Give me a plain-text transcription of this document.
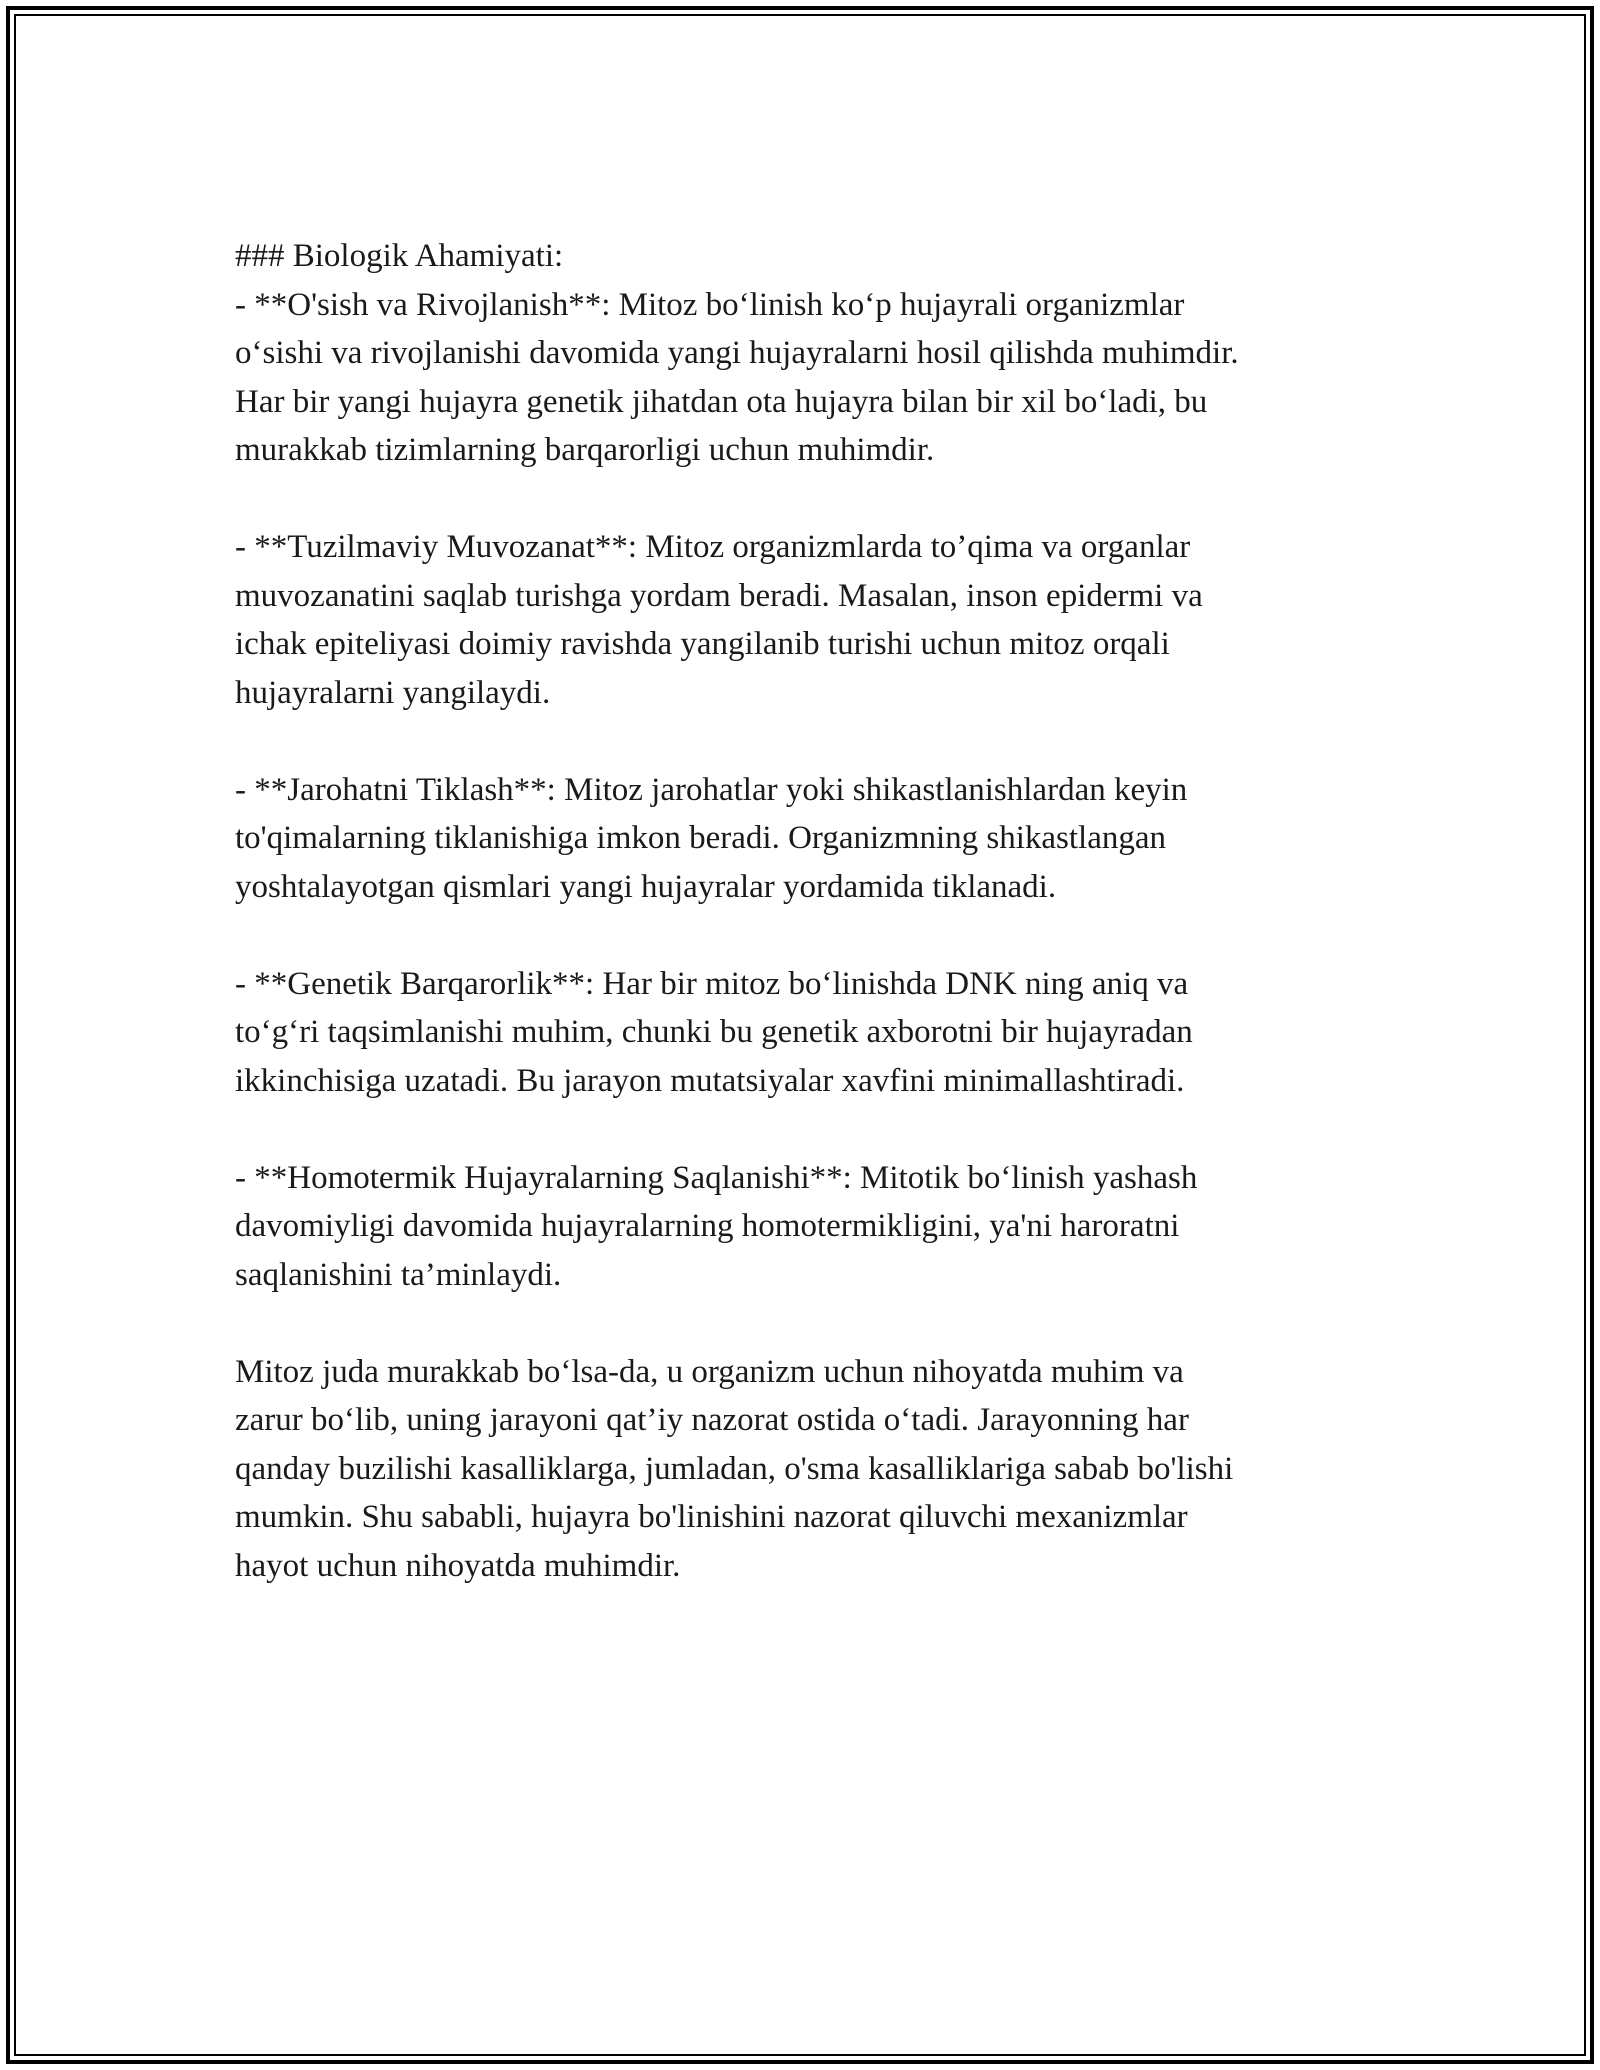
### Biologik Ahamiyati:

- **O'sish va Rivojlanish**: Mitoz bo‘linish ko‘p hujayrali organizmlar
o‘sishi va rivojlanishi davomida yangi hujayralarni hosil qilishda muhimdir.
Har bir yangi hujayra genetik jihatdan ota hujayra bilan bir xil bo‘ladi, bu
murakkab tizimlarning barqarorligi uchun muhimdir.
- **Tuzilmaviy Muvozanat**: Mitoz organizmlarda to’qima va organlar
muvozanatini saqlab turishga yordam beradi. Masalan, inson epidermi va
ichak epiteliyasi doimiy ravishda yangilanib turishi uchun mitoz orqali
hujayralarni yangilaydi.
- **Jarohatni Tiklash**: Mitoz jarohatlar yoki shikastlanishlardan keyin
to'qimalarning tiklanishiga imkon beradi. Organizmning shikastlangan
yoshtalayotgan qismlari yangi hujayralar yordamida tiklanadi.
- **Genetik Barqarorlik**: Har bir mitoz bo‘linishda DNK ning aniq va
to‘g‘ri taqsimlanishi muhim, chunki bu genetik axborotni bir hujayradan
ikkinchisiga uzatadi. Bu jarayon mutatsiyalar xavfini minimallashtiradi.
- **Homotermik Hujayralarning Saqlanishi**: Mitotik bo‘linish yashash
davomiyligi davomida hujayralarning homotermikligini, ya'ni haroratni
saqlanishini ta’minlaydi.
Mitoz juda murakkab bo‘lsa-da, u organizm uchun nihoyatda muhim va
zarur bo‘lib, uning jarayoni qat’iy nazorat ostida o‘tadi. Jarayonning har
qanday buzilishi kasalliklarga, jumladan, o'sma kasalliklariga sabab bo'lishi
mumkin. Shu sababli, hujayra bo'linishini nazorat qiluvchi mexanizmlar
hayot uchun nihoyatda muhimdir.
